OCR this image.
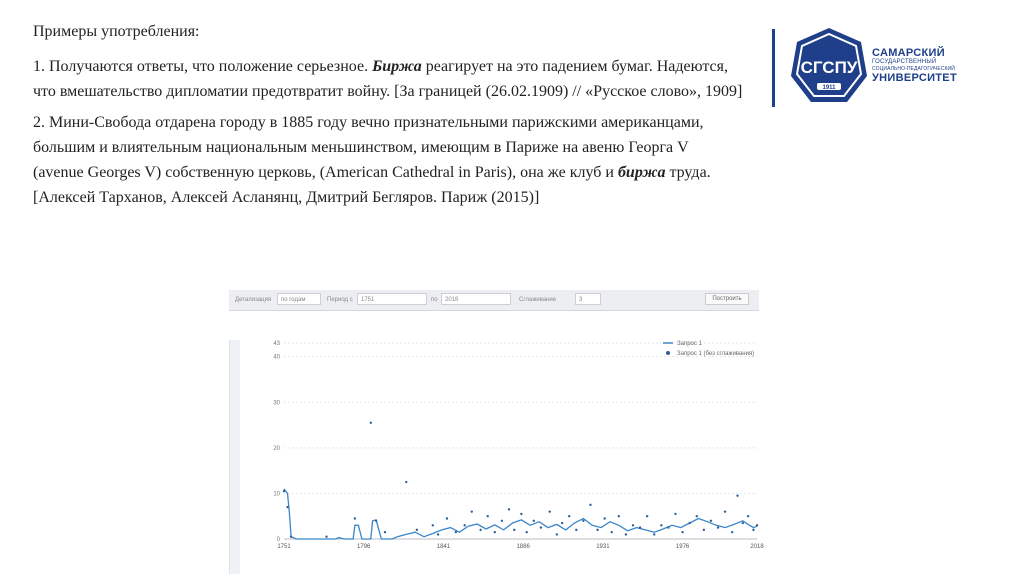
Примеры употребления:

1. Получаются ответы, что положение серьезное. Биржа реагирует на это падением бумаг. Надеются, что вмешательство дипломатии предотвратит войну. [За границей (26.02.1909) // «Русское слово», 1909]

2. Мини-Свобода отдарена городу в 1885 году вечно признательными парижскими американцами, большим и влиятельным национальным меньшинством, имеющим в Париже на авеню Георга V (avenue Georges V) собственную церковь, (American Cathedral in Paris), она же клуб и биржа труда. [Алексей Тарханов, Алексей Асланянц, Дмитрий Бегляров. Париж (2015)]

СГСПУ
1911
САМАРСКИЙ
ГОСУДАРСТВЕННЫЙ
СОЦИАЛЬНО-ПЕДАГОГИЧЕСКИЙ
УНИВЕРСИТЕТ
Детализация	по годам	Период с	1751	по	2018	Сглаживание	3	Построить
0
10
20
30
40
43
1751	1796	1841	1886	1931	1976	2018
Запрос 1
Запрос 1 (без сглаживания)
